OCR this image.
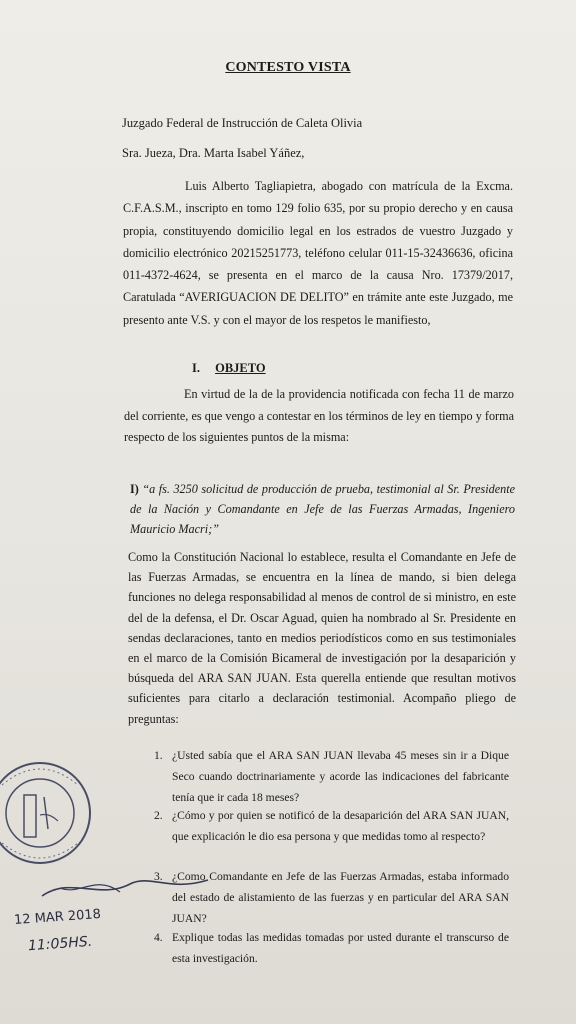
CONTESTO VISTA
Juzgado Federal de Instrucción de Caleta Olivia
Sra. Jueza, Dra. Marta Isabel Yáñez,
Luis Alberto Tagliapietra, abogado con matrícula de la Excma. C.F.A.S.M., inscripto en tomo 129 folio 635, por su propio derecho y en causa propia, constituyendo domicilio legal en los estrados de vuestro Juzgado y domicilio electrónico 20215251773, teléfono celular 011-15-32436636, oficina 011-4372-4624, se presenta en el marco de la causa Nro. 17379/2017, Caratulada “AVERIGUACION DE DELITO” en trámite ante este Juzgado, me presento ante V.S. y con el mayor de los respetos le manifiesto,
I. OBJETO
En virtud de la de la providencia notificada con fecha 11 de marzo del corriente, es que vengo a contestar en los términos de ley en tiempo y forma respecto de los siguientes puntos de la misma:
I) “a fs. 3250 solicitud de producción de prueba, testimonial al Sr. Presidente de la Nación y Comandante en Jefe de las Fuerzas Armadas, Ingeniero Mauricio Macri;”
Como la Constitución Nacional lo establece, resulta el Comandante en Jefe de las Fuerzas Armadas, se encuentra en la línea de mando, si bien delega funciones no delega responsabilidad al menos de control de si ministro, en este del de la defensa, el Dr. Oscar Aguad, quien ha nombrado al Sr. Presidente en sendas declaraciones, tanto en medios periodísticos como en sus testimoniales en el marco de la Comisión Bicameral de investigación por la desaparición y búsqueda del ARA SAN JUAN. Esta querella entiende que resultan motivos suficientes para citarlo a declaración testimonial. Acompaño pliego de preguntas:
1. ¿Usted sabía que el ARA SAN JUAN llevaba 45 meses sin ir a Dique Seco cuando doctrinariamente y acorde las indicaciones del fabricante tenía que ir cada 18 meses?
2. ¿Cómo y por quien se notificó de la desaparición del ARA SAN JUAN, que explicación le dio esa persona y que medidas tomo al respecto?
3. ¿Como Comandante en Jefe de las Fuerzas Armadas, estaba informado del estado de alistamiento de las fuerzas y en particular del ARA SAN JUAN?
4. Explique todas las medidas tomadas por usted durante el transcurso de esta investigación.
12 MAR 2018
11:05HS.
